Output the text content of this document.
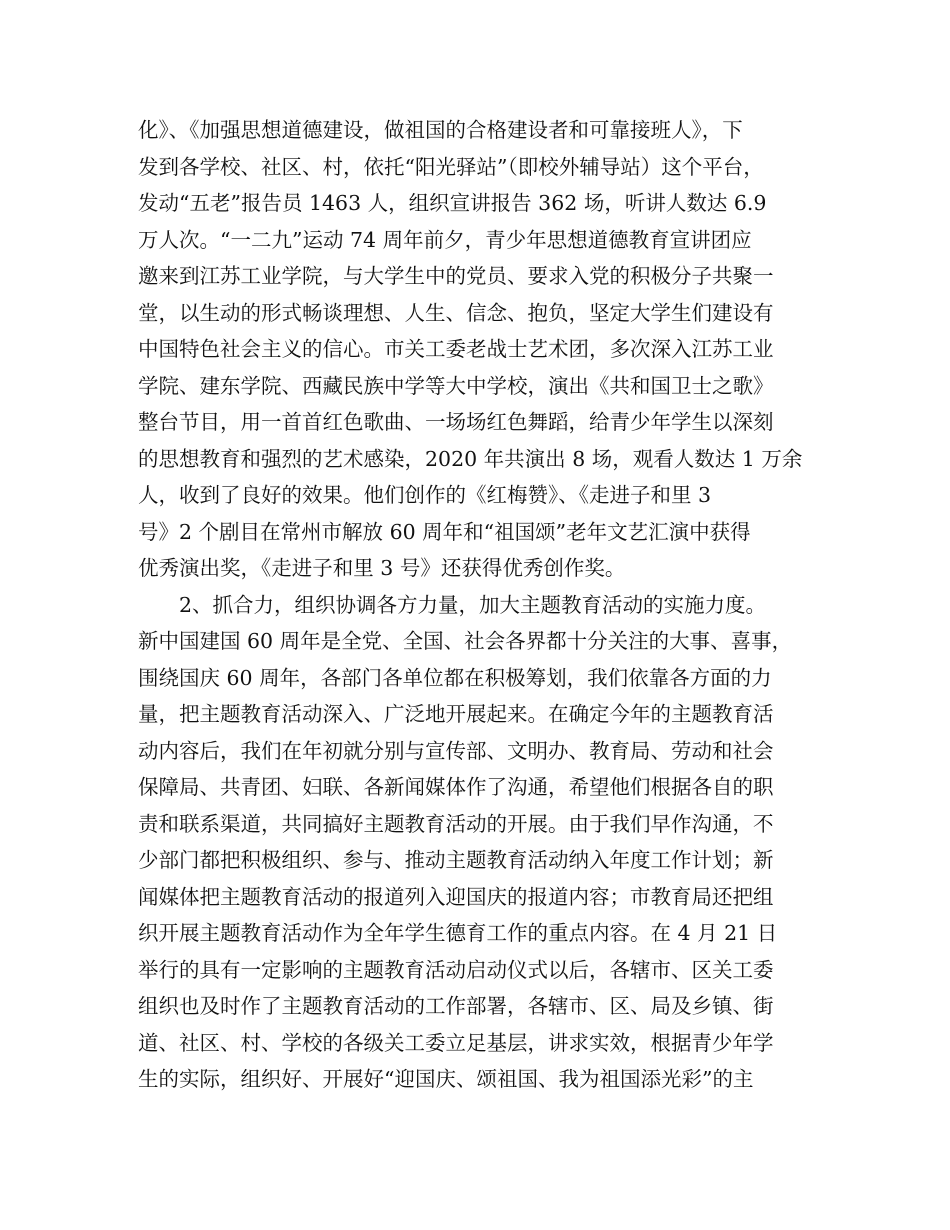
化》、《加强思想道德建设，做祖国的合格建设者和可靠接班人》，下
发到各学校、社区、村，依托“阳光驿站”（即校外辅导站）这个平台，
发动“五老”报告员 1463 人，组织宣讲报告 362 场，听讲人数达 6.9
万人次。“一二九”运动 74 周年前夕，青少年思想道德教育宣讲团应
邀来到江苏工业学院，与大学生中的党员、要求入党的积极分子共聚一
堂，以生动的形式畅谈理想、人生、信念、抱负，坚定大学生们建设有
中国特色社会主义的信心。市关工委老战士艺术团，多次深入江苏工业
学院、建东学院、西藏民族中学等大中学校，演出《共和国卫士之歌》
整台节目，用一首首红色歌曲、一场场红色舞蹈，给青少年学生以深刻
的思想教育和强烈的艺术感染，2020 年共演出 8 场，观看人数达 1 万余
人，收到了良好的效果。他们创作的《红梅赞》、《走进子和里 3
号》2 个剧目在常州市解放 60 周年和“祖国颂”老年文艺汇演中获得
优秀演出奖，《走进子和里 3 号》还获得优秀创作奖。
2、抓合力，组织协调各方力量，加大主题教育活动的实施力度。
新中国建国 60 周年是全党、全国、社会各界都十分关注的大事、喜事，
围绕国庆 60 周年，各部门各单位都在积极筹划，我们依靠各方面的力
量，把主题教育活动深入、广泛地开展起来。在确定今年的主题教育活
动内容后，我们在年初就分别与宣传部、文明办、教育局、劳动和社会
保障局、共青团、妇联、各新闻媒体作了沟通，希望他们根据各自的职
责和联系渠道，共同搞好主题教育活动的开展。由于我们早作沟通，不
少部门都把积极组织、参与、推动主题教育活动纳入年度工作计划；新
闻媒体把主题教育活动的报道列入迎国庆的报道内容；市教育局还把组
织开展主题教育活动作为全年学生德育工作的重点内容。在 4 月 21 日
举行的具有一定影响的主题教育活动启动仪式以后，各辖市、区关工委
组织也及时作了主题教育活动的工作部署，各辖市、区、局及乡镇、街
道、社区、村、学校的各级关工委立足基层，讲求实效，根据青少年学
生的实际，组织好、开展好“迎国庆、颂祖国、我为祖国添光彩”的主
